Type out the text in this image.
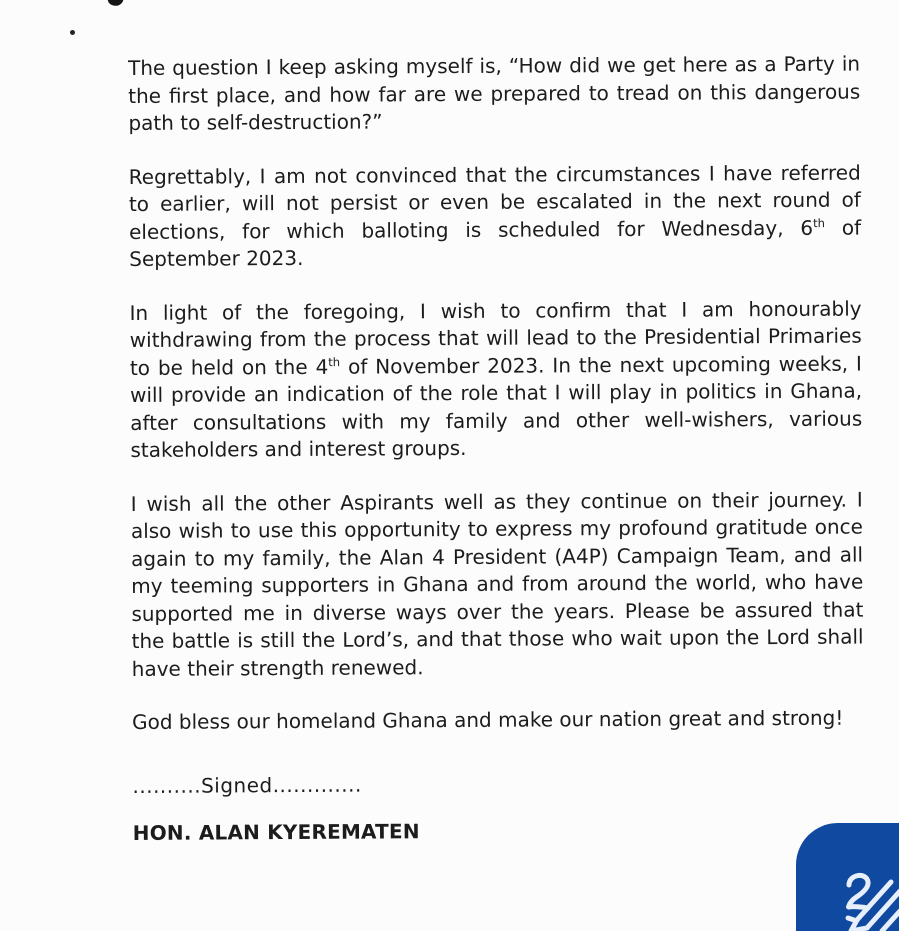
The question I keep asking myself is, “How did we get here as a Party in the first place, and how far are we prepared to tread on this dangerous path to self-destruction?”

Regrettably, I am not convinced that the circumstances I have referred to earlier, will not persist or even be escalated in the next round of elections, for which balloting is scheduled for Wednesday, 6th of September 2023.

In light of the foregoing, I wish to confirm that I am honourably withdrawing from the process that will lead to the Presidential Primaries to be held on the 4th of November 2023. In the next upcoming weeks, I will provide an indication of the role that I will play in politics in Ghana, after consultations with my family and other well-wishers, various stakeholders and interest groups.

I wish all the other Aspirants well as they continue on their journey. I also wish to use this opportunity to express my profound gratitude once again to my family, the Alan 4 President (A4P) Campaign Team, and all my teeming supporters in Ghana and from around the world, who have supported me in diverse ways over the years. Please be assured that the battle is still the Lord’s, and that those who wait upon the Lord shall have their strength renewed.

God bless our homeland Ghana and make our nation great and strong!

..........Signed.............
HON. ALAN KYEREMATEN
